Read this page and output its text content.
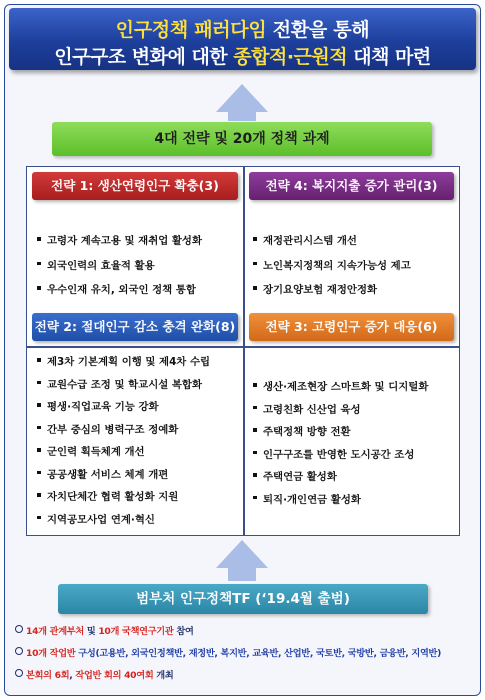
인구정책 패러다임 전환을 통해
인구구조 변화에 대한 종합적·근원적 대책 마련
4대 전략 및 20개 정책 과제
전략 1: 생산연령인구 확충(3)	전략 4: 복지지출 증가 관리(3)
전략 2: 절대인구 감소 충격 완화(8)	전략 3: 고령인구 증가 대응(6)
고령자 계속고용 및 재취업 활성화
외국인력의 효율적 활용
우수인재 유치, 외국인 정책 통합
재정관리시스템 개선
노인복지정책의 지속가능성 제고
장기요양보험 재정안정화
제3차 기본계획 이행 및 제4차 수립
교원수급 조정 및 학교시설 복합화
평생·직업교육 기능 강화
간부 중심의 병력구조 정예화
군인력 획득체계 개선
공공생활 서비스 체계 개편
자치단체간 협력 활성화 지원
지역공모사업 연계·혁신
생산·제조현장 스마트화 및 디지털화
고령친화 신산업 육성
주택정책 방향 전환
인구구조를 반영한 도시공간 조성
주택연금 활성화
퇴직·개인연금 활성화
범부처 인구정책TF (‘19.4월 출범)
14개 관계부처 및 10개 국책연구기관 참여
10개 작업반 구성(고용반, 외국인정책반, 재정반, 복지반, 교육반, 산업반, 국토반, 국방반, 금융반, 지역반)
본회의 6회, 작업반 회의 40여회 개최
